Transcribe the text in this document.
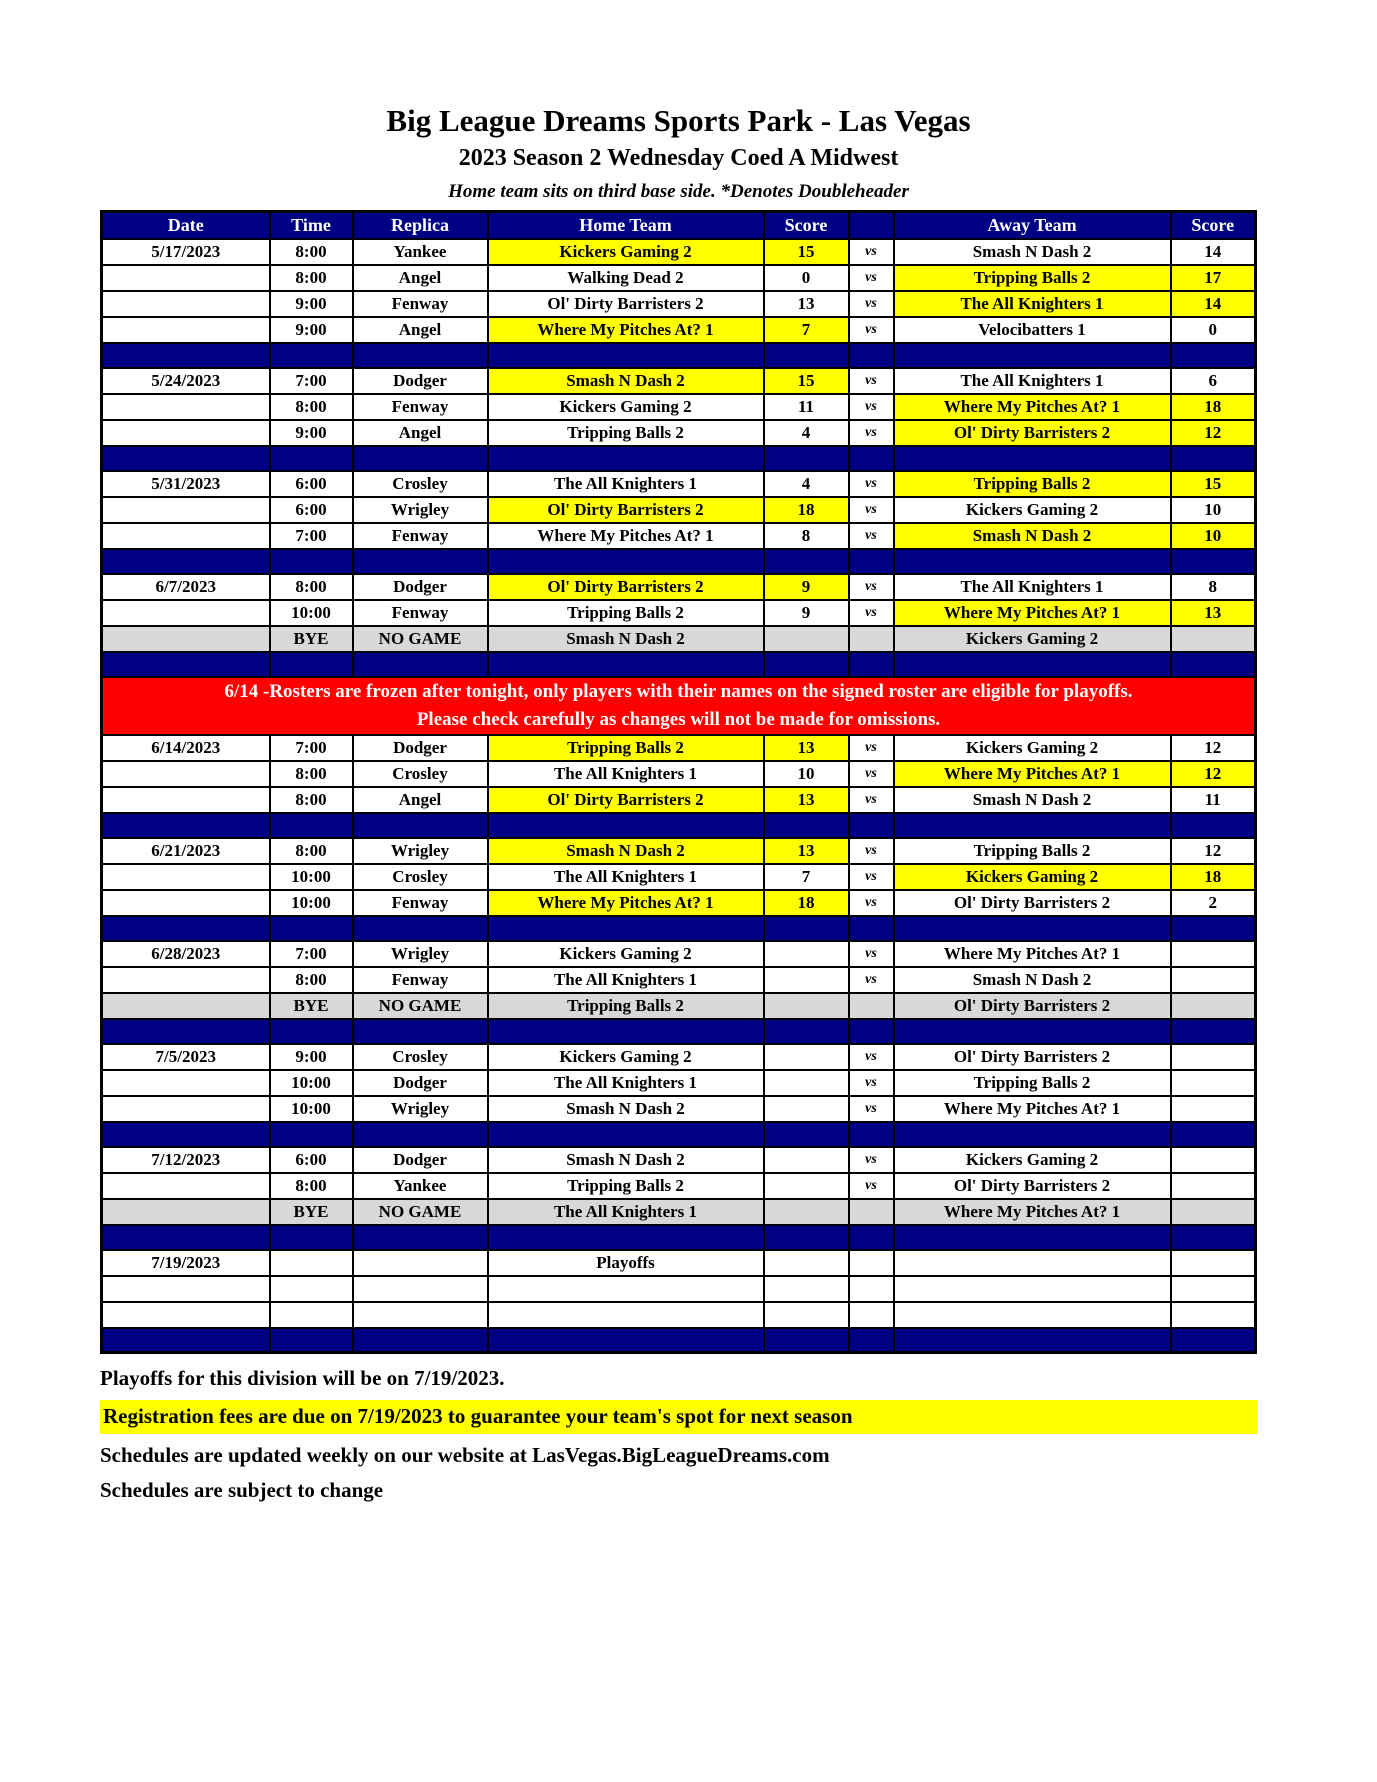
Big League Dreams Sports Park - Las Vegas
2023 Season 2 Wednesday Coed A Midwest
Home team sits on third base side. *Denotes Doubleheader
Date	Time	Replica	Home Team	Score		Away Team	Score
5/17/2023	8:00	Yankee	Kickers Gaming 2	15	vs	Smash N Dash 2	14
	8:00	Angel	Walking Dead 2	0	vs	Tripping Balls 2	17
	9:00	Fenway	Ol' Dirty Barristers 2	13	vs	The All Knighters 1	14
	9:00	Angel	Where My Pitches At? 1	7	vs	Velocibatters 1	0

5/24/2023	7:00	Dodger	Smash N Dash 2	15	vs	The All Knighters 1	6
	8:00	Fenway	Kickers Gaming 2	11	vs	Where My Pitches At? 1	18
	9:00	Angel	Tripping Balls 2	4	vs	Ol' Dirty Barristers 2	12

5/31/2023	6:00	Crosley	The All Knighters 1	4	vs	Tripping Balls 2	15
	6:00	Wrigley	Ol' Dirty Barristers 2	18	vs	Kickers Gaming 2	10
	7:00	Fenway	Where My Pitches At? 1	8	vs	Smash N Dash 2	10

6/7/2023	8:00	Dodger	Ol' Dirty Barristers 2	9	vs	The All Knighters 1	8
	10:00	Fenway	Tripping Balls 2	9	vs	Where My Pitches At? 1	13
	BYE	NO GAME	Smash N Dash 2			Kickers Gaming 2	

6/14 -Rosters are frozen after tonight, only players with their names on the signed roster are eligible for playoffs.
Please check carefully as changes will not be made for omissions.							

6/14/2023	7:00	Dodger	Tripping Balls 2	13	vs	Kickers Gaming 2	12
	8:00	Crosley	The All Knighters 1	10	vs	Where My Pitches At? 1	12
	8:00	Angel	Ol' Dirty Barristers 2	13	vs	Smash N Dash 2	11

6/21/2023	8:00	Wrigley	Smash N Dash 2	13	vs	Tripping Balls 2	12
	10:00	Crosley	The All Knighters 1	7	vs	Kickers Gaming 2	18
	10:00	Fenway	Where My Pitches At? 1	18	vs	Ol' Dirty Barristers 2	2

6/28/2023	7:00	Wrigley	Kickers Gaming 2		vs	Where My Pitches At? 1	
	8:00	Fenway	The All Knighters 1		vs	Smash N Dash 2	
	BYE	NO GAME	Tripping Balls 2			Ol' Dirty Barristers 2	

7/5/2023	9:00	Crosley	Kickers Gaming 2		vs	Ol' Dirty Barristers 2	
	10:00	Dodger	The All Knighters 1		vs	Tripping Balls 2	
	10:00	Wrigley	Smash N Dash 2		vs	Where My Pitches At? 1	

7/12/2023	6:00	Dodger	Smash N Dash 2		vs	Kickers Gaming 2	
	8:00	Yankee	Tripping Balls 2		vs	Ol' Dirty Barristers 2	
	BYE	NO GAME	The All Knighters 1			Where My Pitches At? 1	

7/19/2023			Playoffs				

Playoffs for this division will be on 7/19/2023.
Registration fees are due on 7/19/2023 to guarantee your team's spot for next season
Schedules are updated weekly on our website at LasVegas.BigLeagueDreams.com
Schedules are subject to change
